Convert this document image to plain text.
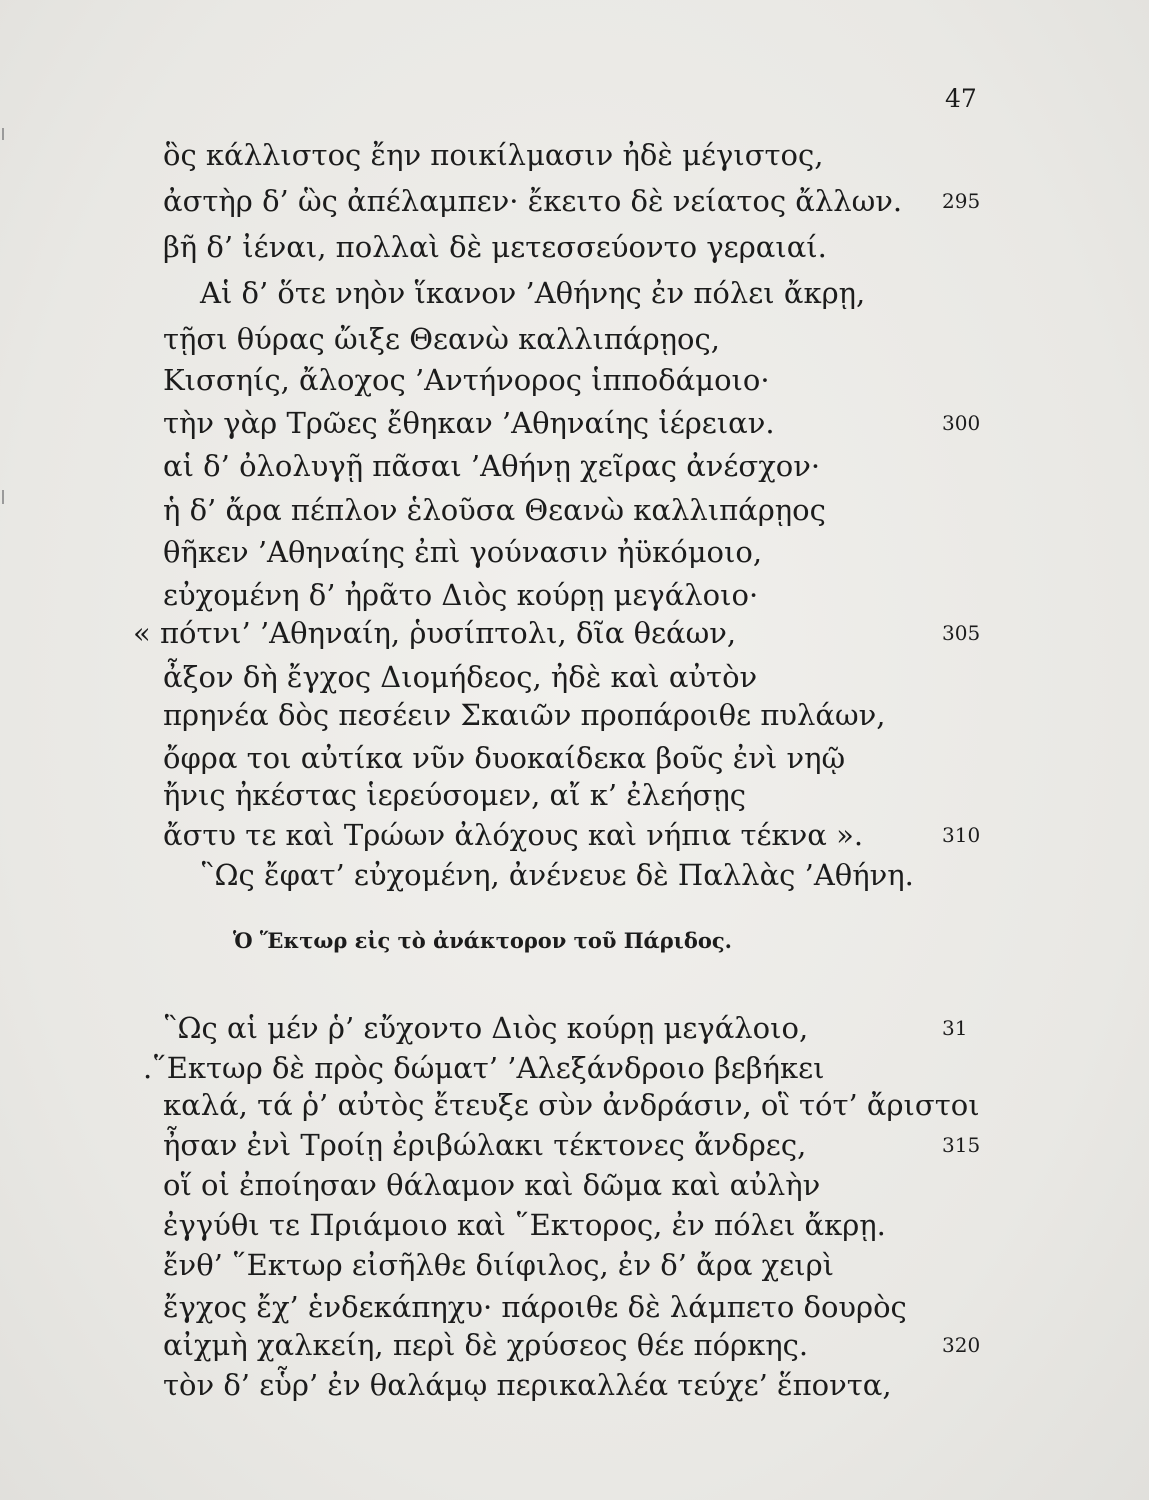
47
ὃς κάλλιστος ἔην ποικίλμασιν ἠδὲ μέγιστος,
ἀστὴρ δ’ ὣς ἀπέλαμπεν· ἔκειτο δὲ νείατος ἄλλων. 295
βῆ δ’ ἰέναι, πολλαὶ δὲ μετεσσεύοντο γεραιαί.
Αἱ δ’ ὅτε νηὸν ἵκανον ’Αθήνης ἐν πόλει ἄκρῃ,
τῇσι θύρας ὤιξε Θεανὼ καλλιπάρῃος,
Κισσηίς, ἄλοχος ’Αντήνορος ἱπποδάμοιο·
τὴν γὰρ Τρῶες ἔθηκαν ’Αθηναίης ἱέρειαν.	300
αἱ δ’ ὀλολυγῇ πᾶσαι ’Αθήνῃ χεῖρας ἀνέσχον·
ἡ δ’ ἄρα πέπλον ἑλοῦσα Θεανὼ καλλιπάρῃος
θῆκεν ’Αθηναίης ἐπὶ γούνασιν ἠϋκόμοιο,
εὐχομένη δ’ ἠρᾶτο Διὸς κούρῃ μεγάλοιο·
« πότνι’ ’Αθηναίη, ῥυσίπτολι, δῖα θεάων,	305
ἆξον δὴ ἔγχος Διομήδεος, ἠδὲ καὶ αὐτὸν
πρηνέα δὸς πεσέειν Σκαιῶν προπάροιθε πυλάων,
ὄφρα τοι αὐτίκα νῦν δυοκαίδεκα βοῦς ἐνὶ νηῷ
ἤνις ἠκέστας ἱερεύσομεν, αἴ κ’ ἐλεήσῃς
ἄστυ τε καὶ Τρώων ἀλόχους καὶ νήπια τέκνα ».	310
῝Ως ἔφατ’ εὐχομένη, ἀνένευε δὲ Παλλὰς ’Αθήνη.
Ὁ Ἕκτωρ εἰς τὸ ἀνάκτορον τοῦ Πάριδος.
῝Ως αἱ μέν ῥ’ εὔχοντο Διὸς κούρῃ μεγάλοιο,	31
.῞Εκτωρ δὲ πρὸς δώματ’ ’Αλεξάνδροιο βεβήκει
καλά, τά ῥ’ αὐτὸς ἔτευξε σὺν ἀνδράσιν, οἳ τότ’ ἄριστοι
ἦσαν ἐνὶ Τροίῃ ἐριβώλακι τέκτονες ἄνδρες,	315
οἵ οἱ ἐποίησαν θάλαμον καὶ δῶμα καὶ αὐλὴν
ἐγγύθι τε Πριάμοιο καὶ ῞Εκτορος, ἐν πόλει ἄκρῃ.
ἔνθ’ ῞Εκτωρ εἰσῆλθε διίφιλος, ἐν δ’ ἄρα χειρὶ
ἔγχος ἔχ’ ἑνδεκάπηχυ· πάροιθε δὲ λάμπετο δουρὸς
αἰχμὴ χαλκείη, περὶ δὲ χρύσεος θέε πόρκης.	320
τὸν δ’ εὗρ’ ἐν θαλάμῳ περικαλλέα τεύχε’ ἕποντα,
